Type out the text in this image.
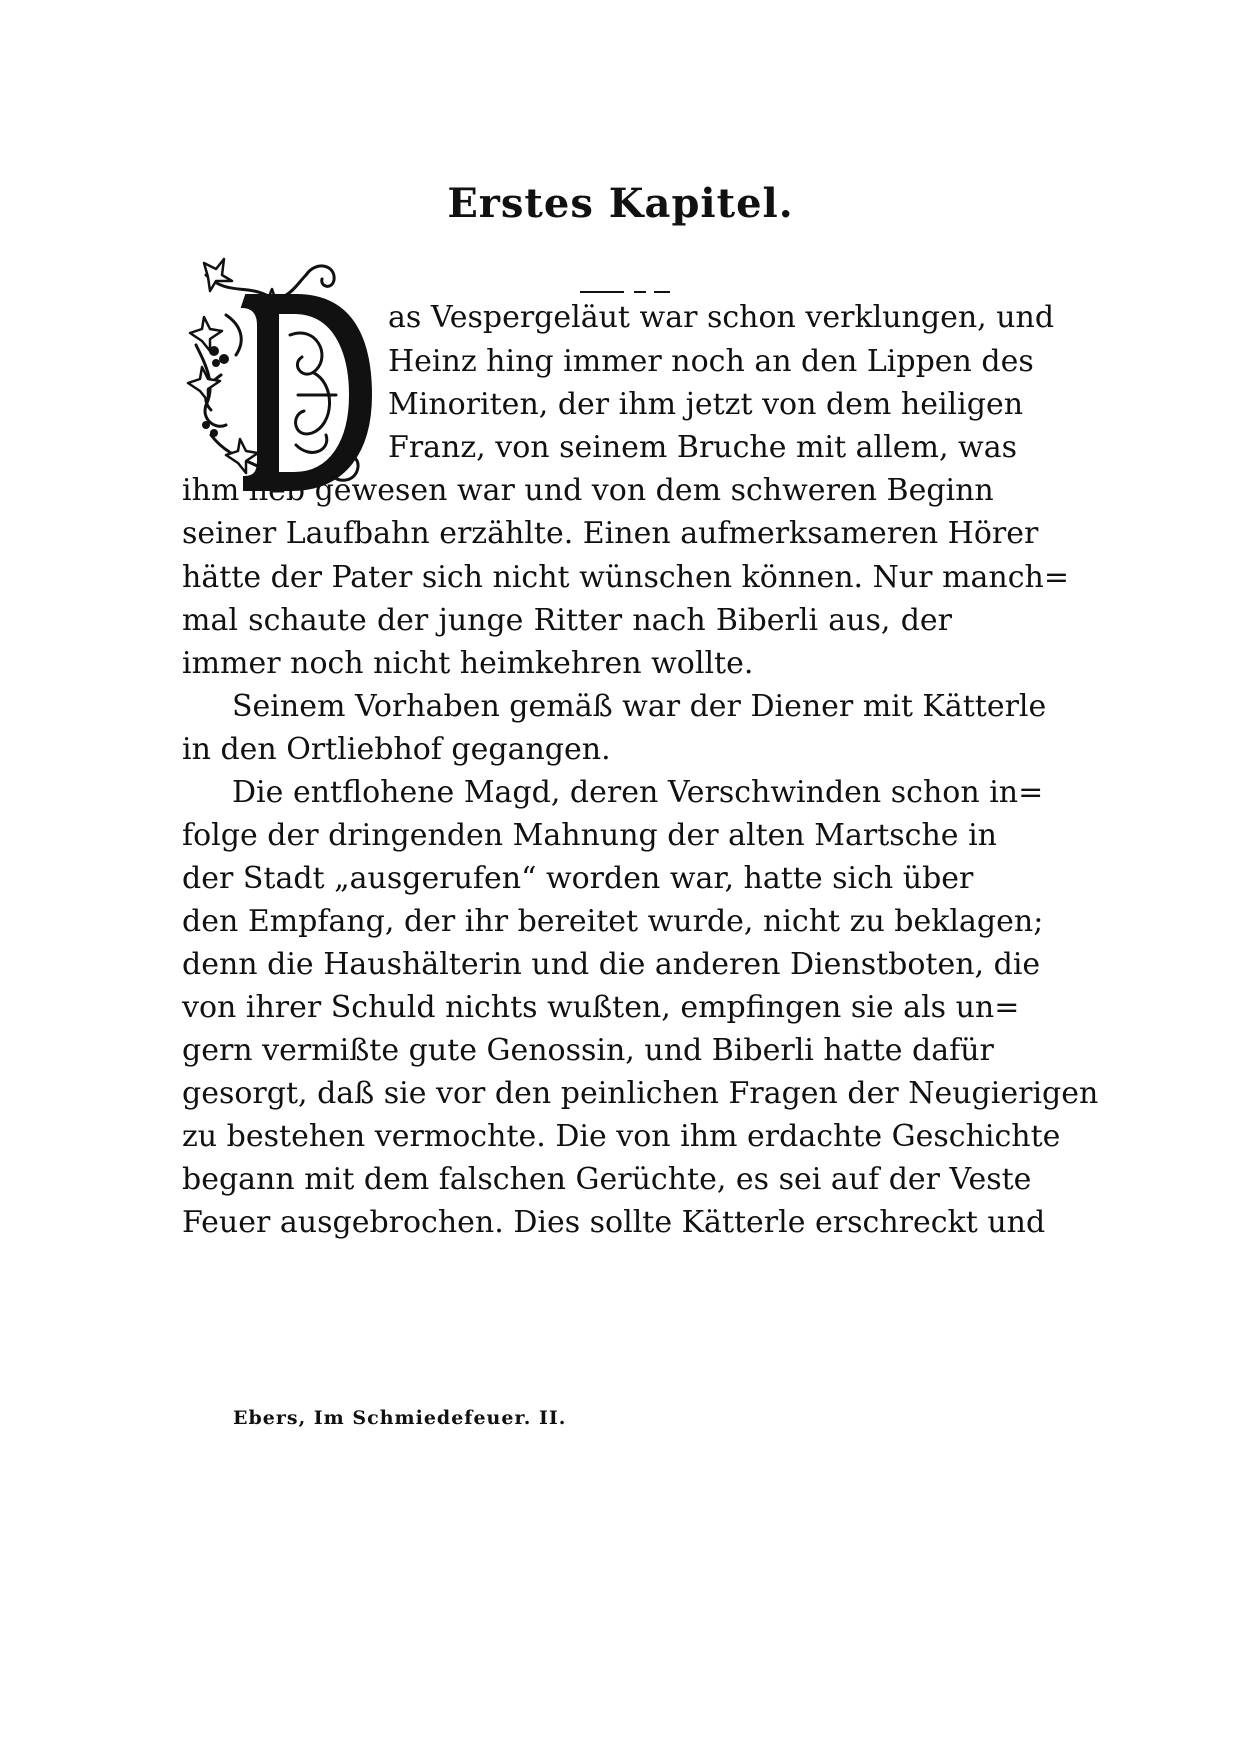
Erstes Kapitel.
as Vespergeläut war schon verklungen, und
Heinz hing immer noch an den Lippen des
Minoriten, der ihm jetzt von dem heiligen
Franz, von seinem Bruche mit allem, was
ihm lieb gewesen war und von dem schweren Beginn
seiner Laufbahn erzählte. Einen aufmerksameren Hörer
hätte der Pater sich nicht wünschen können. Nur manch=
mal schaute der junge Ritter nach Biberli aus, der
immer noch nicht heimkehren wollte.
Seinem Vorhaben gemäß war der Diener mit Kätterle
in den Ortliebhof gegangen.
Die entflohene Magd, deren Verschwinden schon in=
folge der dringenden Mahnung der alten Martsche in
der Stadt „ausgerufen“ worden war, hatte sich über
den Empfang, der ihr bereitet wurde, nicht zu beklagen;
denn die Haushälterin und die anderen Dienstboten, die
von ihrer Schuld nichts wußten, empfingen sie als un=
gern vermißte gute Genossin, und Biberli hatte dafür
gesorgt, daß sie vor den peinlichen Fragen der Neugierigen
zu bestehen vermochte. Die von ihm erdachte Geschichte
begann mit dem falschen Gerüchte, es sei auf der Veste
Feuer ausgebrochen. Dies sollte Kätterle erschreckt und
Ebers, Im Schmiedefeuer. II.
